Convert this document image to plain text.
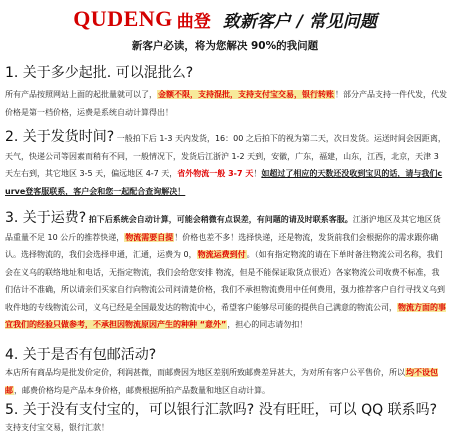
QUDENG 曲登 致新客户 / 常见问题
新客户必读，将为您解决 90%的我问题
1. 关于多少起批. 可以混批么?
所有产品按照网站上面的起批量就可以了，金额不限，支持混批，支持支付宝交易，银行转账！部分产品支持一件代发，代发价格是第一档价格，运费是系统自动计算得出！
2. 关于发货时间? 一般拍下后 1-3 天内发货，16：00 之后拍下的视为第二天，次日发货。运送时间会因距离，天气，快递公司等因素而稍有不同，一般情况下，发货后江浙沪 1-2 天到，安徽，广东，福建，山东，江西，北京，天津 3 天左右到，其它地区 3-5 天，偏远地区 4-7 天，省外物流一般 3-7 天！如超过了相应的天数还没收到宝贝的话，请与我们curve登客服联系，客户会和您一起配合查询解决！
3. 关于运费? 拍下后系统会自动计算，可能会稍微有点误差，有问题的请及时联系客服。江浙沪地区及其它地区货品重量不足 10 公斤的推荐快递，物流需要自提！价格也差不多！选择快递，还是物流，发货前我们会根据你的需求跟你确认。选择物流的，我们会选择申通，汇通，运费为 0，物流运费到付。（如有指定物流的请在下单时备注物流公司名称，我们会在义乌的联络地址和电话，无指定物流，我们会给您安排 物流，但是不能保证取货点很近）各家物流公司收费不标准，我们估计不准确，所以请亲们买家自行向物流公司问清楚价格，我们不承担物流费用中任何费用，强力推荐客户自行寻找义乌到收件地的专线物流公司，义乌已经是全国最发达的物流中心，希望客户能够尽可能的提供自己满意的物流公司，物流方面的事宜我们的经验只做参考，不承担因物流原因产生的种种 “意外”，担心的同志请勿扣！
4. 关于是否有包邮活动?
本店所有商品均是批发价定价，利润甚微，而邮费因为地区差别所致邮费差异甚大，为对所有客户公平售价，所以均不设包邮，邮费价格均是产品本身价格，邮费根据所拍产品数量和地区自动计算。
5. 关于没有支付宝的，可以银行汇款吗? 没有旺旺，可以 QQ 联系吗?
支持支付宝交易，银行汇款！
